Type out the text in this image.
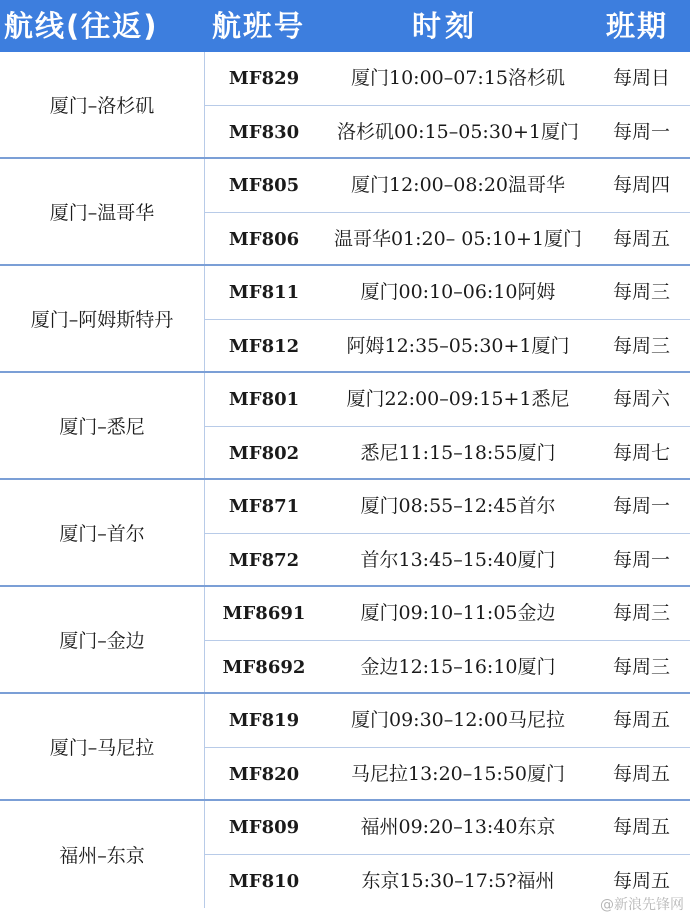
航线(往返)	航班号	时刻	班期
厦门–洛杉矶
MF829	厦门10:00–07:15洛杉矶	每周日
MF830	洛杉矶00:15–05:30+1厦门	每周一
厦门–温哥华
MF805	厦门12:00–08:20温哥华	每周四
MF806	温哥华01:20– 05:10+1厦门	每周五
厦门–阿姆斯特丹
MF811	厦门00:10–06:10阿姆	每周三
MF812	阿姆12:35–05:30+1厦门	每周三
厦门–悉尼
MF801	厦门22:00–09:15+1悉尼	每周六
MF802	悉尼11:15–18:55厦门	每周七
厦门–首尔
MF871	厦门08:55–12:45首尔	每周一
MF872	首尔13:45–15:40厦门	每周一
厦门–金边
MF8691	厦门09:10–11:05金边	每周三
MF8692	金边12:15–16:10厦门	每周三
厦门–马尼拉
MF819	厦门09:30–12:00马尼拉	每周五
MF820	马尼拉13:20–15:50厦门	每周五
福州–东京
MF809	福州09:20–13:40东京	每周五
MF810	东京15:30–17:5?福州	每周五
@新浪先锋网
